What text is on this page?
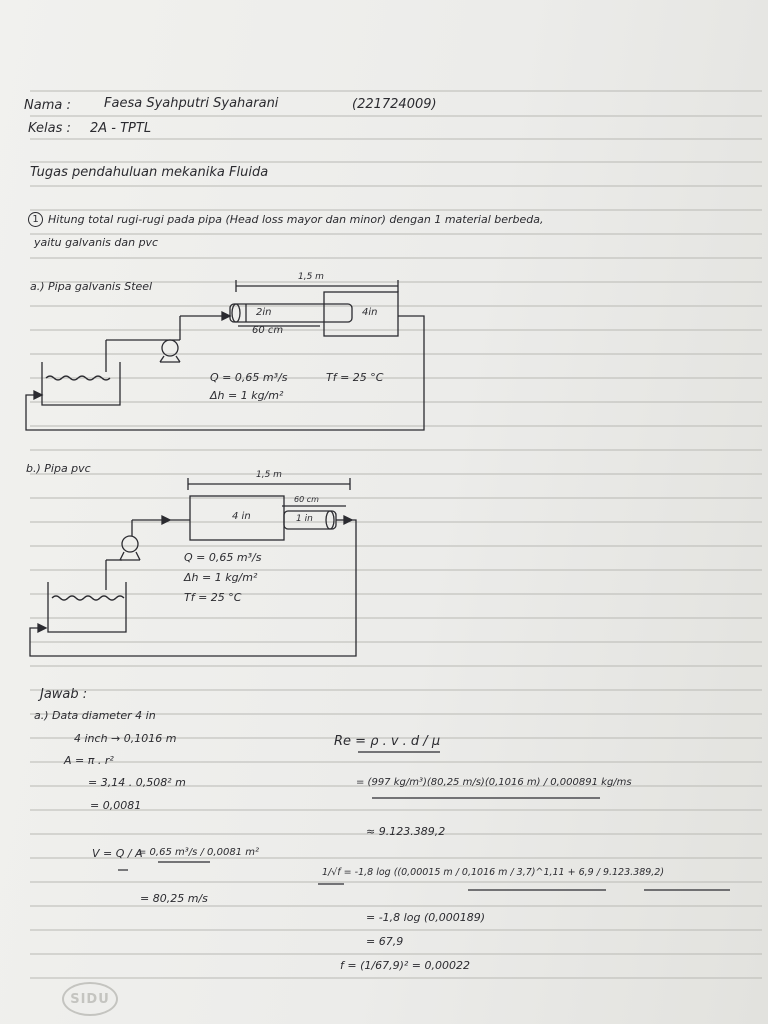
Nama :	Faesa Syahputri Syaharani	(221724009)
Kelas : 2A - TPTL
Tugas pendahuluan mekanika Fluida
1 Hitung total rugi-rugi pada pipa (Head loss mayor dan minor) dengan 1 material berbeda,
yaitu galvanis dan pvc
a.) Pipa galvanis Steel
1,5 m
2in
60 cm
4in
Q = 0,65 m³/s	Tf = 25 °C
Δh = 1 kg/m²
b.) Pipa pvc	1,5 m
60 cm
4 in	1 in
Q = 0,65 m³/s
Δh = 1 kg/m²
Tf = 25 °C
Jawab :
a.) Data diameter 4 in
4 inch → 0,1016 m
A = π . r²
= 3,14 . 0,508² m
= 0,0081
V = Q / A
= 0,65 m³/s / 0,0081 m²
= 80,25 m/s
Re = ρ . v . d / μ
= (997 kg/m³)(80,25 m/s)(0,1016 m) / 0,000891 kg/ms
≈ 9.123.389,2
1/√f = -1,8 log ((0,00015 m / 0,1016 m / 3,7)^1,11 + 6,9 / 9.123.389,2)
= -1,8 log (0,000189)
= 67,9
f = (1/67,9)² = 0,00022
SIDU
